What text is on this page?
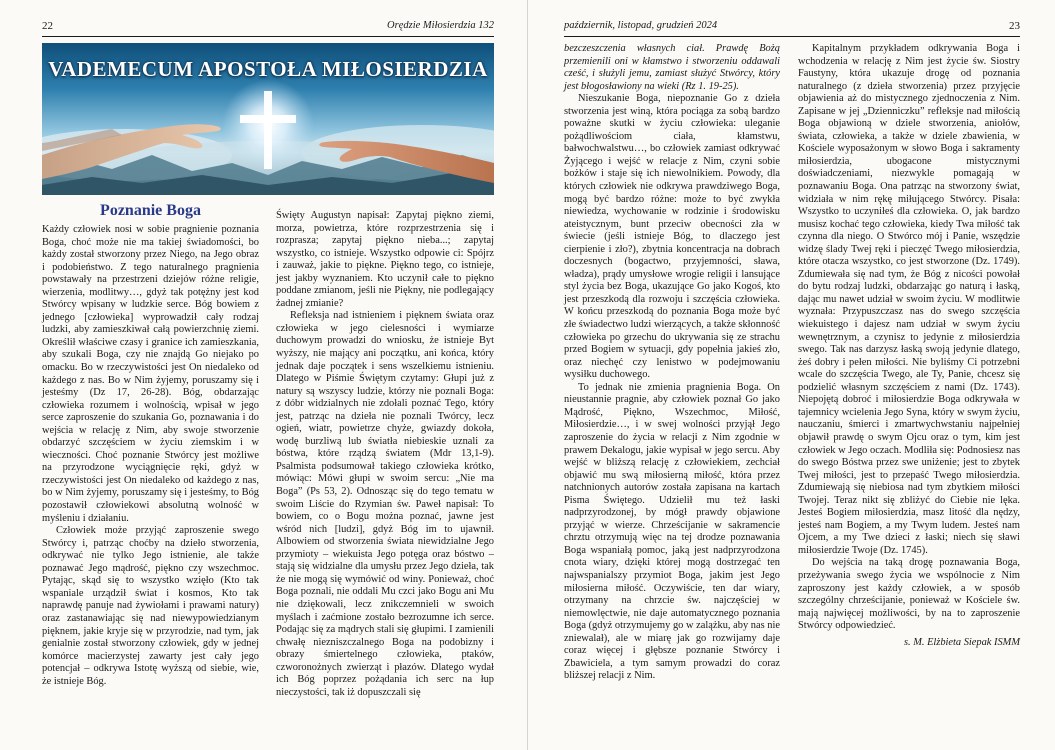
22	Orędzie Miłosierdzia 132
VADEMECUM APOSTOŁA MIŁOSIERDZIA
Poznanie Boga

Każdy człowiek nosi w sobie pragnienie poznania Boga, choć może nie ma takiej świadomości, bo każdy został stworzony przez Niego, na Jego obraz i podobieństwo. Z tego naturalnego pragnienia powstawały na przestrzeni dziejów różne religie, wierzenia, modlitwy…, gdyż tak potężny jest kod Stwórcy wpisany w ludzkie serce. Bóg bowiem z jednego [człowieka] wyprowadził cały rodzaj ludzki, aby zamieszkiwał całą powierzchnię ziemi. Określił właściwe czasy i granice ich zamieszkania, aby szukali Boga, czy nie znajdą Go niejako po omacku. Bo w rzeczywistości jest On niedaleko od każdego z nas. Bo w Nim żyjemy, poruszamy się i jesteśmy (Dz 17, 26-28). Bóg, obdarzając człowieka rozumem i wolnością, wpisał w jego serce zaproszenie do szukania Go, poznawania i do wejścia w relację z Nim, aby swoje stworzenie obdarzyć szczęściem w życiu ziemskim i w wieczności. Choć poznanie Stwórcy jest możliwe na przyrodzone wyciągnięcie ręki, gdyż w rzeczywistości jest On niedaleko od każdego z nas, bo w Nim żyjemy, poruszamy się i jesteśmy, to Bóg pozostawił człowiekowi absolutną wolność w myśleniu i działaniu.

Człowiek może przyjąć zaproszenie swego Stwórcy i, patrząc choćby na dzieło stworzenia, odkrywać nie tylko Jego istnienie, ale także poznawać Jego mądrość, piękno czy wszechmoc. Pytając, skąd się to wszystko wzięło (Kto tak wspaniale urządził świat i kosmos, Kto tak naprawdę panuje nad żywiołami i prawami natury) oraz zastanawiając się nad niewypowiedzianym pięknem, jakie kryje się w przyrodzie, nad tym, jak genialnie został stworzony człowiek, gdy w jednej komórce macierzystej zawarty jest cały jego potencjał – odkrywa Istotę wyższą od siebie, wie, że istnieje Bóg.

Święty Augustyn napisał: Zapytaj piękno ziemi, morza, powietrza, które rozprzestrzenia się i rozprasza; zapytaj piękno nieba...; zapytaj wszystko, co istnieje. Wszystko odpowie ci: Spójrz i zauważ, jakie to piękne. Piękno tego, co istnieje, jest jakby wyznaniem. Kto uczynił całe to piękno poddane zmianom, jeśli nie Piękny, nie podlegający żadnej zmianie?

Refleksja nad istnieniem i pięknem świata oraz człowieka w jego cielesności i wymiarze duchowym prowadzi do wniosku, że istnieje Byt wyższy, nie mający ani początku, ani końca, który jednak daje początek i sens wszelkiemu istnieniu. Dlatego w Piśmie Świętym czytamy: Głupi już z natury są wszyscy ludzie, którzy nie poznali Boga: z dóbr widzialnych nie zdołali poznać Tego, który jest, patrząc na dzieła nie poznali Twórcy, lecz ogień, wiatr, powietrze chyże, gwiazdy dokoła, wodę burzliwą lub światła niebieskie uznali za bóstwa, które rządzą światem (Mdr 13,1-9). Psalmista podsumował takiego człowieka krótko, mówiąc: Mówi głupi w swoim sercu: „Nie ma Boga” (Ps 53, 2). Odnosząc się do tego tematu w swoim Liście do Rzymian św. Paweł napisał: To bowiem, co o Bogu można poznać, jawne jest wśród nich [ludzi], gdyż Bóg im to ujawnił. Albowiem od stworzenia świata niewidzialne Jego przymioty – wiekuista Jego potęga oraz bóstwo – stają się widzialne dla umysłu przez Jego dzieła, tak że nie mogą się wymówić od winy. Ponieważ, choć Boga poznali, nie oddali Mu czci jako Bogu ani Mu nie dziękowali, lecz znikczemnieli w swoich myślach i zaćmione zostało bezrozumne ich serce. Podając się za mądrych stali się głupimi. I zamienili chwałę niezniszczalnego Boga na podobizny i obrazy śmiertelnego człowieka, ptaków, czworonożnych zwierząt i płazów. Dlatego wydał ich Bóg poprzez pożądania ich serc na łup nieczystości, tak iż dopuszczali się

październik, listopad, grudzień 2024	23

bezczeszczenia własnych ciał. Prawdę Bożą przemienili oni w kłamstwo i stworzeniu oddawali cześć, i służyli jemu, zamiast służyć Stwórcy, który jest błogosławiony na wieki (Rz 1. 19-25).

Nieszukanie Boga, niepoznanie Go z dzieła stworzenia jest winą, która pociąga za sobą bardzo poważne skutki w życiu człowieka: uleganie pożądliwościom ciała, kłamstwu, bałwochwalstwu…, bo człowiek zamiast odkrywać Żyjącego i wejść w relacje z Nim, czyni sobie bożków i staje się ich niewolnikiem. Powody, dla których człowiek nie odkrywa prawdziwego Boga, mogą być bardzo różne: może to być zwykła niewiedza, wychowanie w rodzinie i środowisku ateistycznym, bunt przeciw obecności zła w świecie (jeśli istnieje Bóg, to dlaczego jest cierpienie i zło?), zbytnia koncentracja na dobrach doczesnych (bogactwo, przyjemności, sława, władza), prądy umysłowe wrogie religii i lansujące styl życia bez Boga, ukazujące Go jako Kogoś, kto jest przeszkodą dla rozwoju i szczęścia człowieka. W końcu przeszkodą do poznania Boga może być złe świadectwo ludzi wierzących, a także skłonność człowieka po grzechu do ukrywania się ze strachu przed Bogiem w sytuacji, gdy popełnia jakieś zło, oraz niechęć czy lenistwo w podejmowaniu wysiłku duchowego.

To jednak nie zmienia pragnienia Boga. On nieustannie pragnie, aby człowiek poznał Go jako Mądrość, Piękno, Wszechmoc, Miłość, Miłosierdzie…, i w swej wolności przyjął Jego zaproszenie do życia w relacji z Nim zgodnie w prawem Dekalogu, jakie wypisał w jego sercu. Aby wejść w bliższą relację z człowiekiem, zechciał objawić mu swą miłosierną miłość, która przez natchnionych autorów została zapisana na kartach Pisma Świętego. Udzielił mu też łaski nadprzyrodzonej, by mógł prawdy objawione przyjąć w wierze. Chrześcijanie w sakramencie chrztu otrzymują więc na tej drodze poznawania Boga wspaniałą pomoc, jaką jest nadprzyrodzona cnota wiary, dzięki której mogą dostrzegać ten najwspanialszy przymiot Boga, jakim jest Jego miłosierna miłość. Oczywiście, ten dar wiary, otrzymany na chrzcie św. najczęściej w niemowlęctwie, nie daje automatycznego poznania Boga (gdyż otrzymujemy go w zalążku, aby nas nie zniewalał), ale w miarę jak go rozwijamy daje coraz więcej i głębsze poznanie Stwórcy i Zbawiciela, a tym samym prowadzi do coraz bliższej relacji z Nim.

Kapitalnym przykładem odkrywania Boga i wchodzenia w relację z Nim jest życie św. Siostry Faustyny, która ukazuje drogę od poznania naturalnego (z dzieła stworzenia) przez przyjęcie objawienia aż do mistycznego zjednoczenia z Nim. Zapisane w jej „Dzienniczku” refleksje nad miłością Boga objawioną w dziele stworzenia, aniołów, świata, człowieka, a także w dziele zbawienia, w Kościele wyposażonym w słowo Boga i sakramenty miłosierdzia, ubogacone mistycznymi doświadczeniami, niezwykle pomagają w poznawaniu Boga. Ona patrząc na stworzony świat, widziała w nim rękę miłującego Stwórcy. Pisała: Wszystko to uczyniłeś dla człowieka. O, jak bardzo musisz kochać tego człowieka, kiedy Twa miłość tak czynna dla niego. O Stwórco mój i Panie, wszędzie widzę ślady Twej ręki i pieczęć Twego miłosierdzia, które otacza wszystko, co jest stworzone (Dz. 1749). Zdumiewała się nad tym, że Bóg z nicości powołał do bytu rodzaj ludzki, obdarzając go naturą i łaską, dając mu nawet udział w swoim życiu. W modlitwie wyznała: Przypuszczasz nas do swego szczęścia wiekuistego i dajesz nam udział w swym życiu wewnętrznym, a czynisz to jedynie z miłosierdzia swego. Tak nas darzysz łaską swoją jedynie dlatego, żeś dobry i pełen miłości. Nie byliśmy Ci potrzebni wcale do szczęścia Twego, ale Ty, Panie, chcesz się podzielić własnym szczęściem z nami (Dz. 1743). Niepojętą dobroć i miłosierdzie Boga odkrywała w tajemnicy wcielenia Jego Syna, który w swym życiu, nauczaniu, śmierci i zmartwychwstaniu najpełniej objawił prawdę o swym Ojcu oraz o tym, kim jest człowiek w Jego oczach. Modliła się: Podnosiesz nas do swego Bóstwa przez swe uniżenie; jest to zbytek Twej miłości, jest to przepaść Twego miłosierdzia. Zdumiewają się niebiosa nad tym zbytkiem miłości Twojej. Teraz nikt się zbliżyć do Ciebie nie lęka. Jesteś Bogiem miłosierdzia, masz litość dla nędzy, jesteś nam Bogiem, a my Twym ludem. Jesteś nam Ojcem, a my Twe dzieci z łaski; niech się sławi miłosierdzie Twoje (Dz. 1745).

Do wejścia na taką drogę poznawania Boga, przeżywania swego życia we wspólnocie z Nim zaproszony jest każdy człowiek, a w sposób szczególny chrześcijanie, ponieważ w Kościele św. mają najwięcej możliwości, by na to zaproszenie Stwórcy odpowiedzieć.

s. M. Elżbieta Siepak ISMM
